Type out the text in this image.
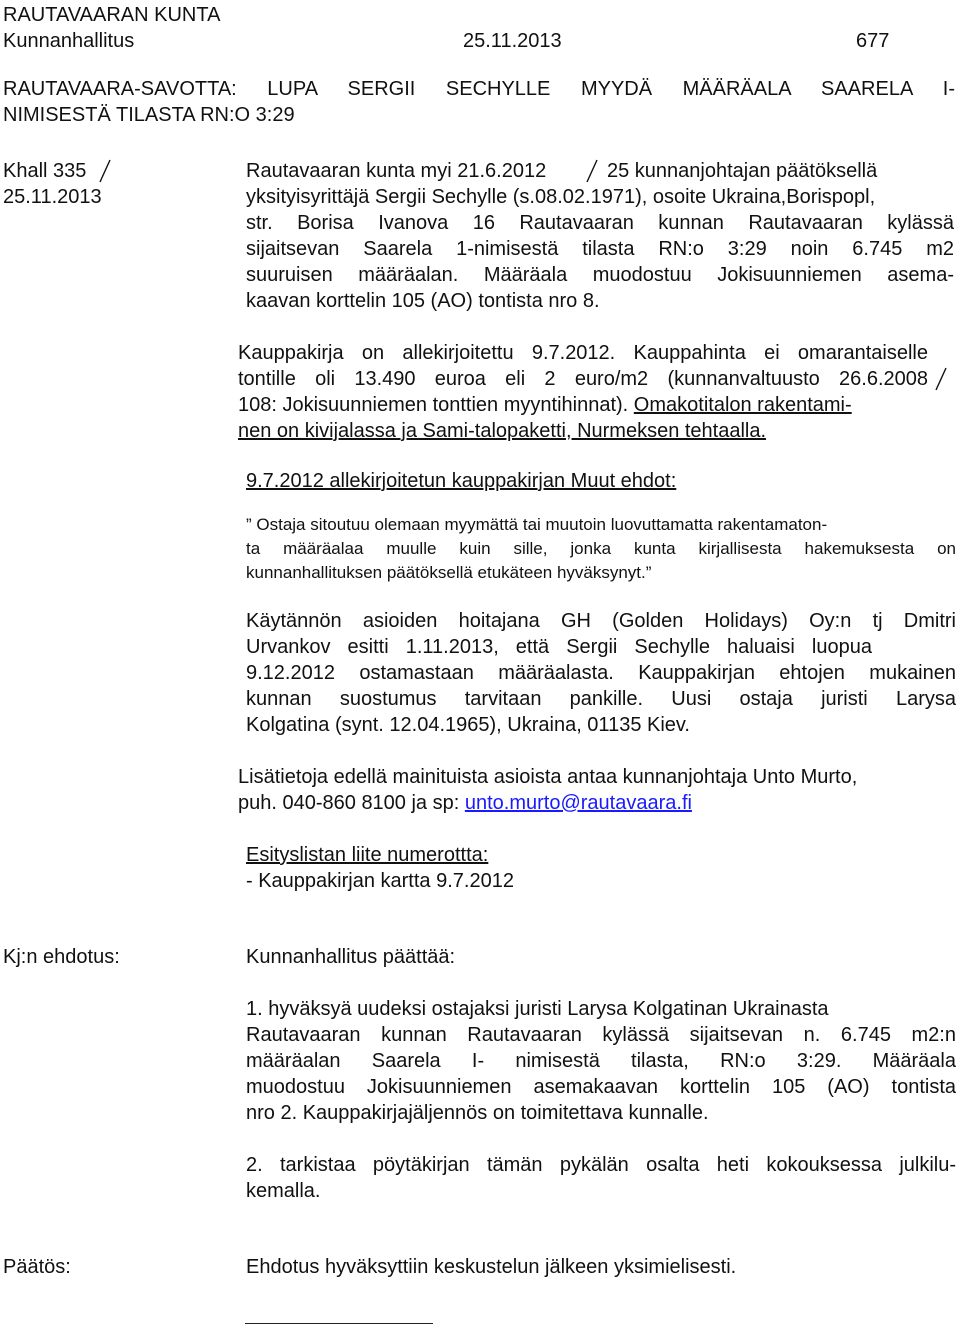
RAUTAVAARAN KUNTA
Kunnanhallitus	25.11.2013	677
RAUTAVAARA-SAVOTTA: LUPA SERGII SECHYLLE MYYDÄ MÄÄRÄALA SAARELA I-
NIMISESTÄ TILASTA RN:O 3:29
Khall 335
25.11.2013
Rautavaaran kunta myi 21.6.2012	25 kunnanjohtajan päätöksellä
yksityisyrittäjä Sergii Sechylle (s.08.02.1971), osoite Ukraina,Borispopl,
str. Borisa Ivanova 16 Rautavaaran kunnan Rautavaaran kylässä
sijaitsevan Saarela 1-nimisestä tilasta RN:o 3:29 noin 6.745 m2
suuruisen määräalan. Määräala muodostuu Jokisuunniemen asema-
kaavan korttelin 105 (AO) tontista nro 8.
Kauppakirja on allekirjoitettu 9.7.2012. Kauppahinta ei omarantaiselle
tontille oli 13.490 euroa eli 2 euro/m2 (kunnanvaltuusto 26.6.2008
108: Jokisuunniemen tonttien myyntihinnat). Omakotitalon rakentami-
nen on kivijalassa ja Sami-talopaketti, Nurmeksen tehtaalla.
9.7.2012 allekirjoitetun kauppakirjan Muut ehdot:
” Ostaja sitoutuu olemaan myymättä tai muutoin luovuttamatta rakentamaton-
ta määräalaa muulle kuin sille, jonka kunta kirjallisesta hakemuksesta on
kunnanhallituksen päätöksellä etukäteen hyväksynyt.”
Käytännön asioiden hoitajana GH (Golden Holidays) Oy:n tj Dmitri
Urvankov esitti 1.11.2013, että Sergii Sechylle haluaisi luopua
9.12.2012 ostamastaan määräalasta. Kauppakirjan ehtojen mukainen
kunnan suostumus tarvitaan pankille. Uusi ostaja juristi Larysa
Kolgatina (synt. 12.04.1965), Ukraina, 01135 Kiev.
Lisätietoja edellä mainituista asioista antaa kunnanjohtaja Unto Murto,
puh. 040-860 8100 ja sp: unto.murto@rautavaara.fi
Esityslistan liite numerottta:
- Kauppakirjan kartta 9.7.2012
Kj:n ehdotus:	Kunnanhallitus päättää:
1. hyväksyä uudeksi ostajaksi juristi Larysa Kolgatinan Ukrainasta
Rautavaaran kunnan Rautavaaran kylässä sijaitsevan n. 6.745 m2:n
määräalan Saarela I- nimisestä tilasta, RN:o 3:29. Määräala
muodostuu Jokisuunniemen asemakaavan korttelin 105 (AO) tontista
nro 2. Kauppakirjajäljennös on toimitettava kunnalle.
2. tarkistaa pöytäkirjan tämän pykälän osalta heti kokouksessa julkilu-
kemalla.
Päätös:	Ehdotus hyväksyttiin keskustelun jälkeen yksimielisesti.
